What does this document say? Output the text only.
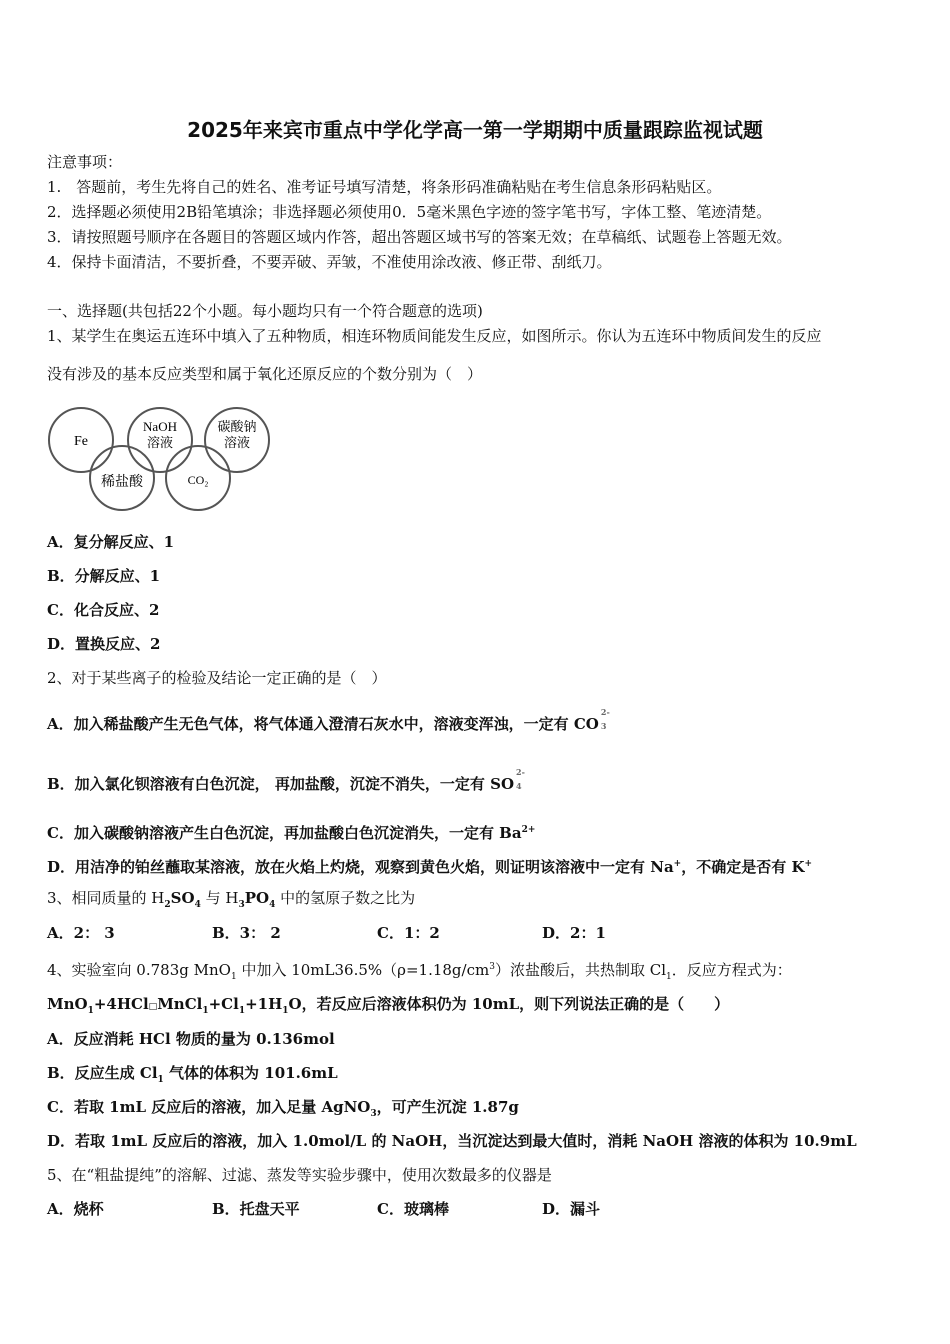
2025年来宾市重点中学化学高一第一学期期中质量跟踪监视试题
注意事项：
1.　答题前，考生先将自己的姓名、准考证号填写清楚，将条形码准确粘贴在考生信息条形码粘贴区。
2．选择题必须使用2B铅笔填涂；非选择题必须使用0．5毫米黑色字迹的签字笔书写，字体工整、笔迹清楚。
3．请按照题号顺序在各题目的答题区域内作答，超出答题区域书写的答案无效；在草稿纸、试题卷上答题无效。
4．保持卡面清洁，不要折叠，不要弄破、弄皱，不准使用涂改液、修正带、刮纸刀。
一、选择题(共包括22个小题。每小题均只有一个符合题意的选项)
1、某学生在奥运五连环中填入了五种物质，相连环物质间能发生反应，如图所示。你认为五连环中物质间发生的反应
没有涉及的基本反应类型和属于氧化还原反应的个数分别为（　）
Fe
NaOH
溶液
碳酸钠
溶液
稀盐酸	CO₂
A．复分解反应、1
B．分解反应、1
C．化合反应、2
D．置换反应、2
2、对于某些离子的检验及结论一定正确的是（　）
A．加入稀盐酸产生无色气体，将气体通入澄清石灰水中，溶液变浑浊，一定有 CO
2-
3
B．加入氯化钡溶液有白色沉淀， 再加盐酸，沉淀不消失，一定有 SO
2-
4
C．加入碳酸钠溶液产生白色沉淀，再加盐酸白色沉淀消失，一定有 $Ba^{2+}$
D．用洁净的铂丝蘸取某溶液，放在火焰上灼烧，观察到黄色火焰，则证明该溶液中一定有 Na+，不确定是否有 K+
3、相同质量的 $H_2SO_4$ 与 $H_3PO_4$ 中的氢原子数之比为
A．2： 3	B．3： 2	C．1：2	D．2：1
4、实验室向 0.783g MnO$_1$ 中加入 $10mL36.5\%(\rho=1.18g/cm^3)$浓盐酸后，共热制取 $Cl_1$．反应方程式为：
$MnO_1+4HCl□MnCl_1+Cl_1+1H_1O$，若反应后溶液体积仍为 10mL，则下列说法正确的是（　　）
A．反应消耗 HCl 物质的量为 0.136mol
B．反应生成 $Cl_1$ 气体的体积为 101.6mL
C．若取 1mL 反应后的溶液，加入足量 AgNO$_3$，可产生沉淀 1.87g
D．若取 1mL 反应后的溶液，加入 1.0mol/L 的 NaOH，当沉淀达到最大值时，消耗 NaOH 溶液的体积为 10.9mL
5、在“粗盐提纯”的溶解、过滤、蒸发等实验步骤中，使用次数最多的仪器是
A．烧杯	B．托盘天平	C．玻璃棒	D．漏斗
